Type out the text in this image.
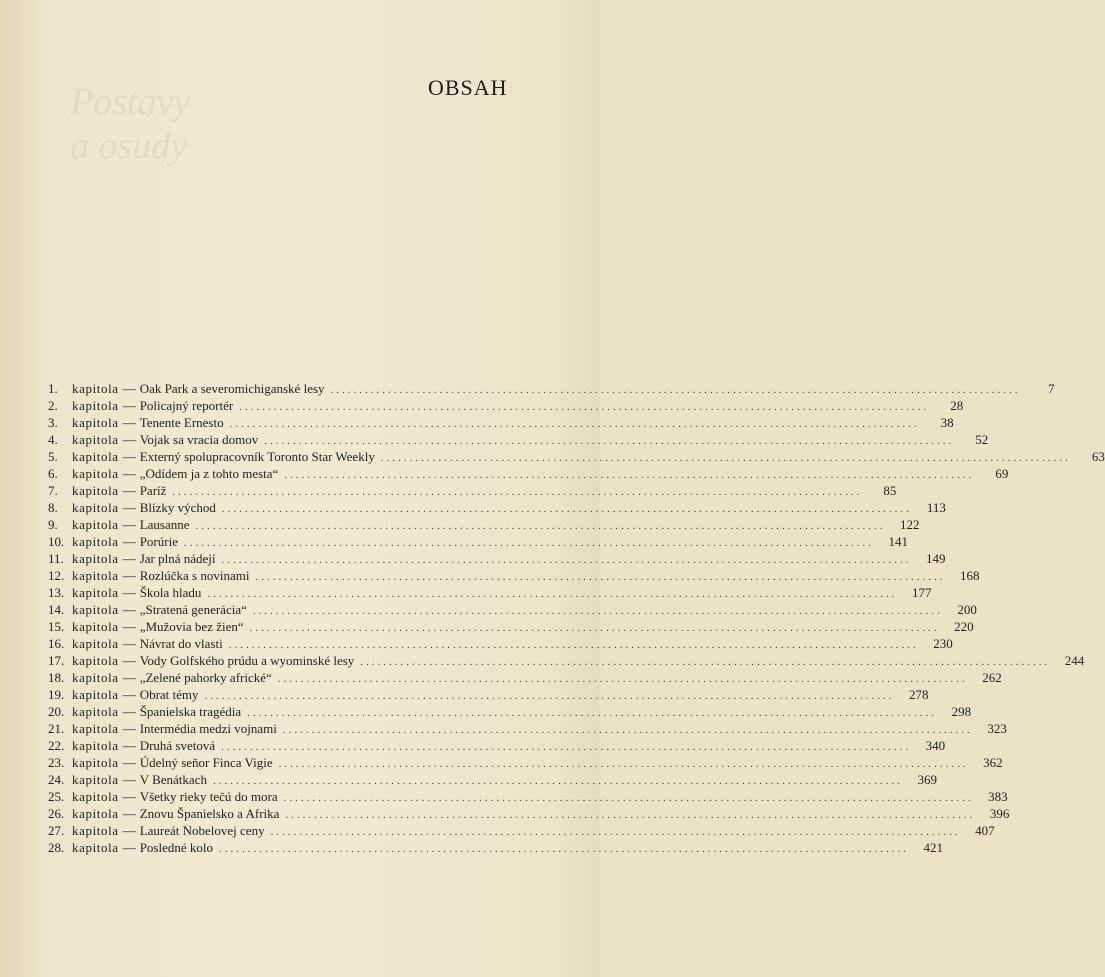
Postavy
a osudy
OBSAH
1.	kapitola — Oak Park a severomichiganské lesy ........................................................................................................................	7
2.	kapitola — Policajný reportér ........................................................................................................................	28
3.	kapitola — Tenente Ernesto ........................................................................................................................	38
4.	kapitola — Vojak sa vracia domov ........................................................................................................................	52
5.	kapitola — Externý spolupracovník Toronto Star Weekly ........................................................................................................................	63
6.	kapitola — „Odídem ja z tohto mesta“ ........................................................................................................................	69
7.	kapitola — Paríž ........................................................................................................................	85
8.	kapitola — Blízky východ ........................................................................................................................	113
9.	kapitola — Lausanne ........................................................................................................................	122
10. kapitola — Porúrie ........................................................................................................................	141
11. kapitola — Jar plná nádejí ........................................................................................................................	149
12. kapitola — Rozlúčka s novinami ........................................................................................................................	168
13. kapitola — Škola hladu ........................................................................................................................	177
14. kapitola — „Stratená generácia“ ........................................................................................................................	200
15. kapitola — „Mužovia bez žien“ ........................................................................................................................	220
16. kapitola — Návrat do vlasti ........................................................................................................................	230
17. kapitola — Vody Golfského prúdu a wyominské lesy ........................................................................................................................	244
18. kapitola — „Zelené pahorky africké“ ........................................................................................................................	262
19. kapitola — Obrat témy ........................................................................................................................	278
20. kapitola — Španielska tragédia ........................................................................................................................	298
21. kapitola — Intermédia medzi vojnami ........................................................................................................................	323
22. kapitola — Druhá svetová ........................................................................................................................	340
23. kapitola — Údelný seňor Finca Vigie ........................................................................................................................	362
24. kapitola — V Benátkach ........................................................................................................................	369
25. kapitola — Všetky rieky tečú do mora ........................................................................................................................	383
26. kapitola — Znovu Španielsko a Afrika ........................................................................................................................	396
27. kapitola — Laureát Nobelovej ceny ........................................................................................................................	407
28. kapitola — Posledné kolo ........................................................................................................................	421
